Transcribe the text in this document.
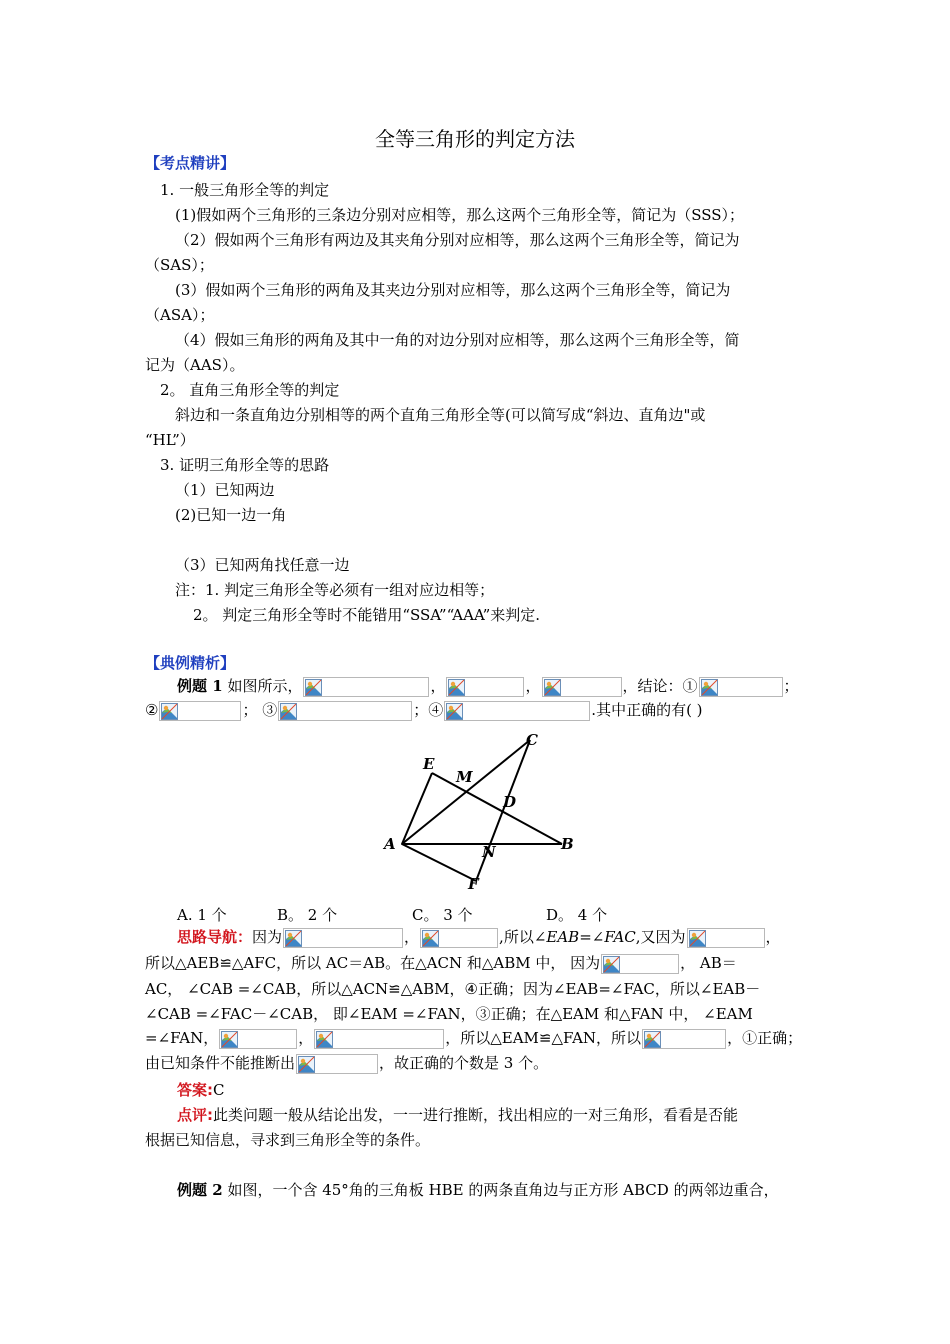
全等三角形的判定方法
【考点精讲】
1. 一般三角形全等的判定
(1)假如两个三角形的三条边分别对应相等，那么这两个三角形全等，简记为（SSS）；
（2）假如两个三角形有两边及其夹角分别对应相等，那么这两个三角形全等，简记为
（SAS）；
(3）假如两个三角形的两角及其夹边分别对应相等，那么这两个三角形全等，简记为
（ASA）；
（4）假如三角形的两角及其中一角的对边分别对应相等，那么这两个三角形全等，简
记为（AAS）。
2。 直角三角形全等的判定
斜边和一条直角边分别相等的两个直角三角形全等(可以简写成“斜边、直角边"或
“HL”）
3. 证明三角形全等的思路
（1）已知两边
(2)已知一边一角
（3）已知两角找任意一边
注：1. 判定三角形全等必须有一组对应边相等；
2。 判定三角形全等时不能错用“SSA”“AAA”来判定.
【典例精析】
例题 1 如图所示，	，	，	，结论：①	；
②	； ③	；④	.其中正确的有( )
E
M
C
D
A	B
N
F
A. 1 个	B。 2 个	C。 3 个	D。 4 个
思路导航：因为	，	,所以∠EAB=∠FAC,又因为	，
所以△AEB≌△AFC，所以 AC＝AB。在△ACN 和△ABM 中， 因为	， AB＝
AC， ∠CAB =∠CAB，所以△ACN≌△ABM，④正确；因为∠EAB=∠FAC，所以∠EAB－
∠CAB =∠FAC－∠CAB， 即∠EAM =∠FAN，③正确；在△EAM 和△FAN 中， ∠EAM
=∠FAN，	，	，所以△EAM≌△FAN，所以	，①正确；
由已知条件不能推断出	，故正确的个数是 3 个。
答案:C
点评:此类问题一般从结论出发，一一进行推断，找出相应的一对三角形，看看是否能
根据已知信息，寻求到三角形全等的条件。
例题 2 如图，一个含 45°角的三角板 HBE 的两条直角边与正方形 ABCD 的两邻边重合，
